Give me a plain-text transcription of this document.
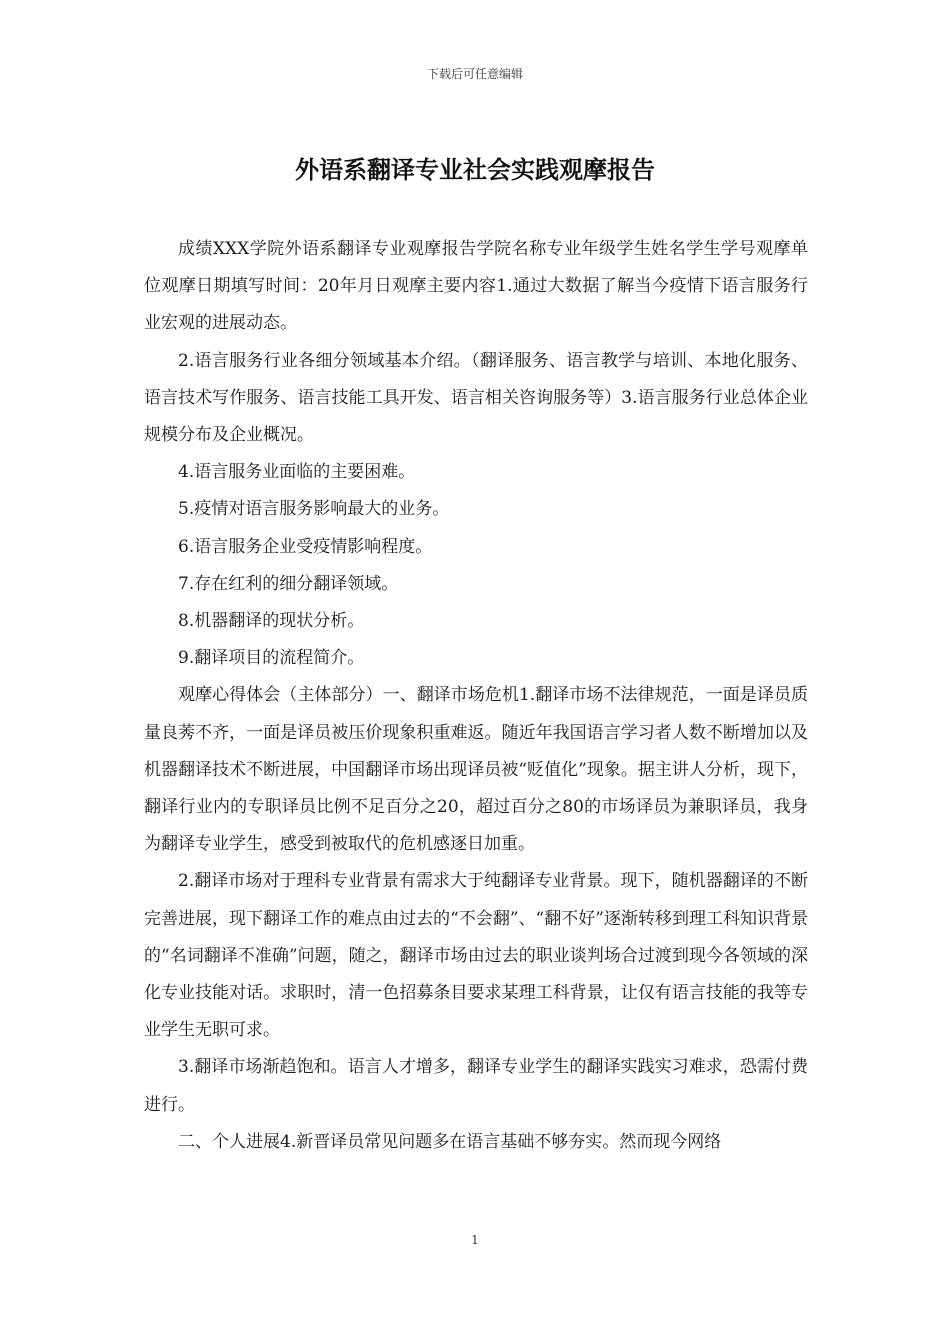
下载后可任意编辑
外语系翻译专业社会实践观摩报告

成绩XXX学院外语系翻译专业观摩报告学院名称专业年级学生姓名学生学号观摩单位观摩日期填写时间：20年月日观摩主要内容1.通过大数据了解当今疫情下语言服务行业宏观的进展动态。

2.语言服务行业各细分领域基本介绍。（翻译服务、语言教学与培训、本地化服务、语言技术写作服务、语言技能工具开发、语言相关咨询服务等）3.语言服务行业总体企业规模分布及企业概况。

4.语言服务业面临的主要困难。

5.疫情对语言服务影响最大的业务。

6.语言服务企业受疫情影响程度。

7.存在红利的细分翻译领域。

8.机器翻译的现状分析。

9.翻译项目的流程简介。

观摩心得体会（主体部分）一、翻译市场危机1.翻译市场不法律规范，一面是译员质量良莠不齐，一面是译员被压价现象积重难返。随近年我国语言学习者人数不断增加以及机器翻译技术不断进展，中国翻译市场出现译员被“贬值化”现象。据主讲人分析，现下，翻译行业内的专职译员比例不足百分之20，超过百分之80的市场译员为兼职译员，我身为翻译专业学生，感受到被取代的危机感逐日加重。

2.翻译市场对于理科专业背景有需求大于纯翻译专业背景。现下，随机器翻译的不断完善进展，现下翻译工作的难点由过去的“不会翻”、“翻不好”逐渐转移到理工科知识背景的“名词翻译不准确”问题，随之，翻译市场由过去的职业谈判场合过渡到现今各领域的深化专业技能对话。求职时，清一色招募条目要求某理工科背景，让仅有语言技能的我等专业学生无职可求。

3.翻译市场渐趋饱和。语言人才增多，翻译专业学生的翻译实践实习难求，恐需付费进行。

二、个人进展4.新晋译员常见问题多在语言基础不够夯实。然而现今网络

1
